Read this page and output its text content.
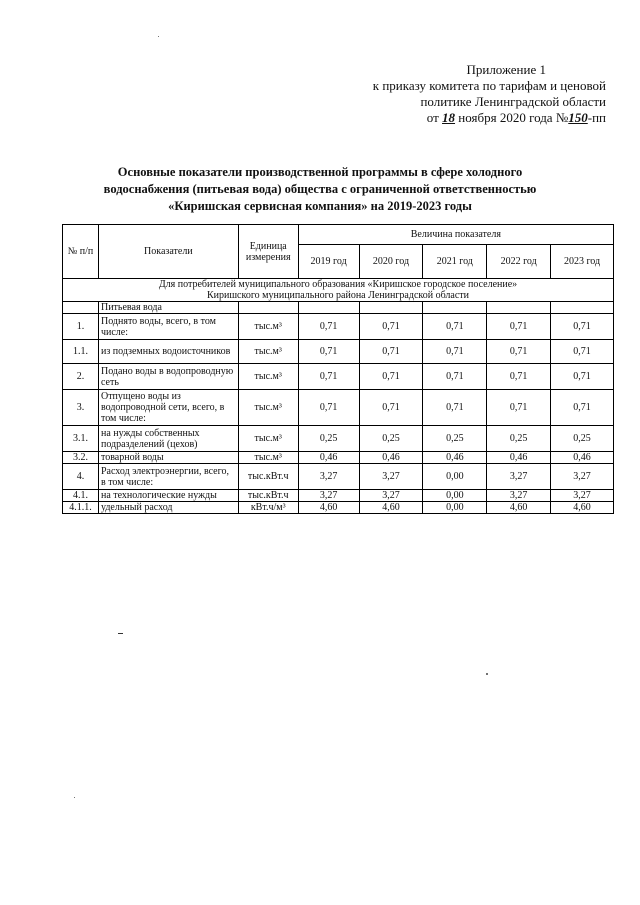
Приложение 1
к приказу комитета по тарифам и ценовой
политике Ленинградской области
от 18 ноября 2020 года №150-пп
Основные показатели производственной программы в сфере холодного
водоснабжения (питьевая вода) общества с ограниченной ответственностью
«Киришская сервисная компания» на 2019-2023 годы
№ п/п	Показатели	Единица измерения	Величина показателя				
			2019 год	2020 год	2021 год	2022 год	2023 год

Для потребителей муниципального образования «Киришское городское поселение»
Киришского муниципального района Ленинградской области							

	Питьевая вода						
1.	Поднято воды, всего, в том числе:	тыс.м³	0,71	0,71	0,71	0,71	0,71
1.1.	из подземных водоисточников	тыс.м³	0,71	0,71	0,71	0,71	0,71
2.	Подано воды в водопроводную сеть	тыс.м³	0,71	0,71	0,71	0,71	0,71
3.	Отпущено воды из водопроводной сети, всего, в том числе:	тыс.м³	0,71	0,71	0,71	0,71	0,71
3.1.	на нужды собственных подразделений (цехов)	тыс.м³	0,25	0,25	0,25	0,25	0,25
3.2.	товарной воды	тыс.м³	0,46	0,46	0,46	0,46	0,46
4.	Расход электроэнергии, всего, в том числе:	тыс.кВт.ч	3,27	3,27	0,00	3,27	3,27
4.1.	на технологические нужды	тыс.кВт.ч	3,27	3,27	0,00	3,27	3,27
4.1.1.	удельный расход	кВт.ч/м³	4,60	4,60	0,00	4,60	4,60
